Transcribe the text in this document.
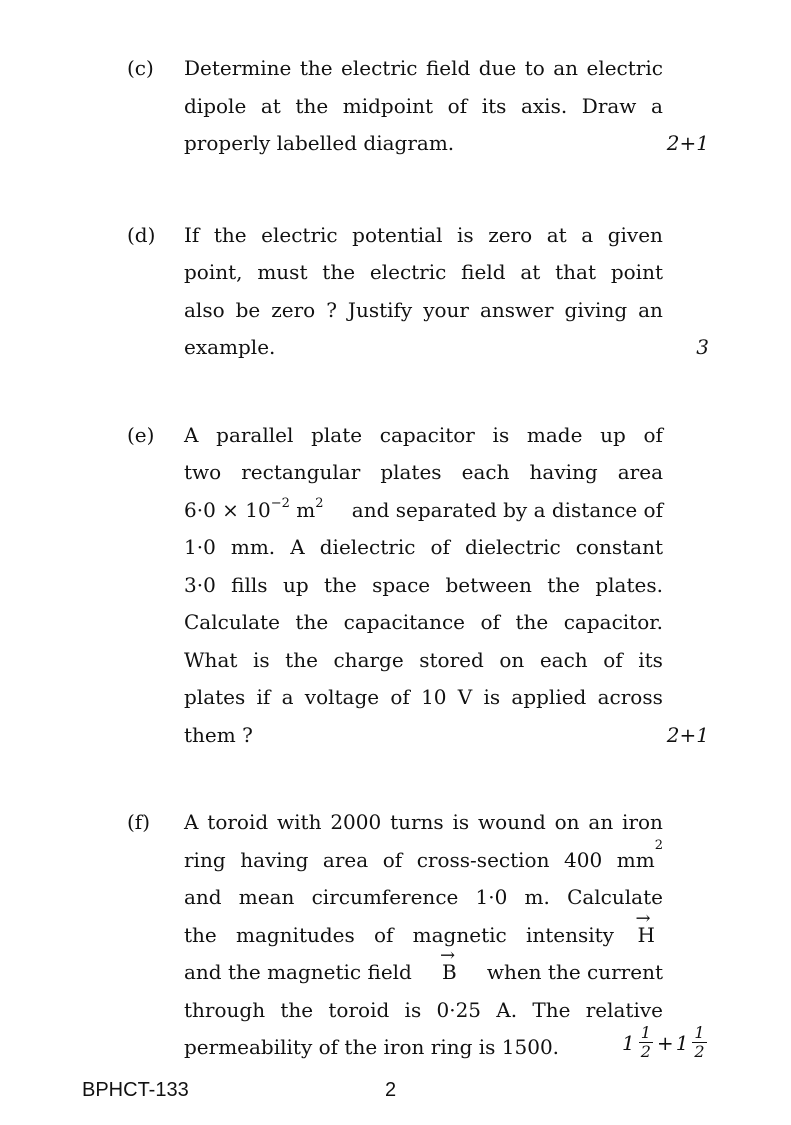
(c) Determine the electric field due to an electric
dipole at the midpoint of its axis. Draw a
properly labelled diagram.	2+1
(d) If the electric potential is zero at a given
point, must the electric field at that point
also be zero ? Justify your answer giving an
example.	3
(e) A parallel plate capacitor is made up of
two rectangular plates each having area
$6\cdot 0 \times 10^{-2}$ $m^2$ and separated by a distance of
1·0 mm. A dielectric of dielectric constant
3·0 fills up the space between the plates.
Calculate the capacitance of the capacitor.
What is the charge stored on each of its
plates if a voltage of 10 V is applied across
them ?	2+1
(f) A toroid with 2000 turns is wound on an iron
ring having area of cross-section 400 mm
$^2$
and mean circumference 1·0 m. Calculate
the magnitudes of magnetic intensity
→
H
and the magnetic field
→
B when the current
through the toroid is 0·25 A. The relative
permeability of the iron ring is 1500.	$1 \frac{1}{2} + 1 \frac{1}{2}$
BPHCT-133	2
